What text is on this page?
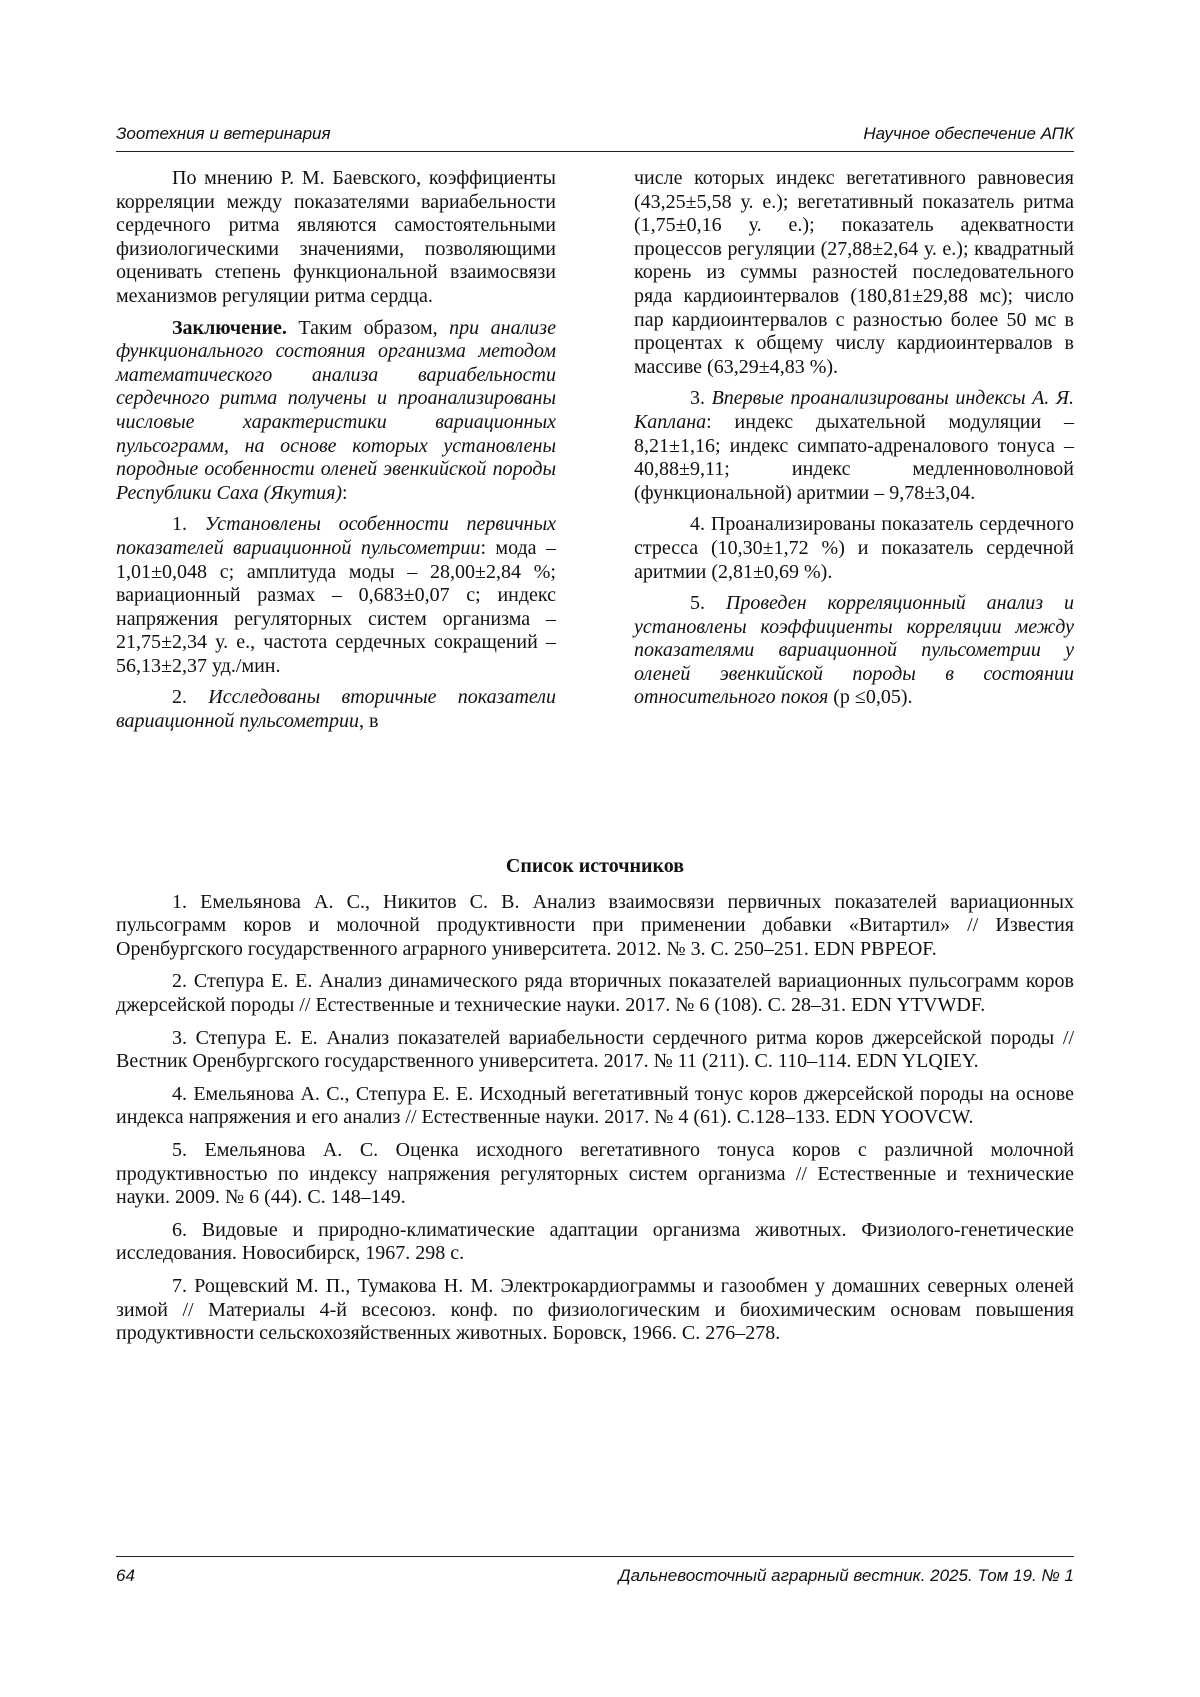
Зоотехния и ветеринария	Научное обеспечение АПК

По мнению Р. М. Баевского, коэффициенты корреляции между показателями вариабельности сердечного ритма являются самостоятельными физиологическими значениями, позволяющими оценивать степень функциональной взаимосвязи механизмов регуляции ритма сердца.

Заключение. Таким образом, при анализе функционального состояния организма методом математического анализа вариабельности сердечного ритма получены и проанализированы числовые характеристики вариационных пульсограмм, на основе которых установлены породные особенности оленей эвенкийской породы Республики Саха (Якутия):

1. Установлены особенности первичных показателей вариационной пульсометрии: мода – 1,01±0,048 с; амплитуда моды – 28,00±2,84 %; вариационный размах – 0,683±0,07 с; индекс напряжения регуляторных систем организма – 21,75±2,34 у. е., частота сердечных сокращений – 56,13±2,37 уд./мин.

2. Исследованы вторичные показатели вариационной пульсометрии, в

числе которых индекс вегетативного равновесия (43,25±5,58 у. е.); вегетативный показатель ритма (1,75±0,16 у. е.); показатель адекватности процессов регуляции (27,88±2,64 у. е.); квадратный корень из суммы разностей последовательного ряда кардиоинтервалов (180,81±29,88 мс); число пар кардиоинтервалов с разностью более 50 мс в процентах к общему числу кардиоинтервалов в массиве (63,29±4,83 %).

3. Впервые проанализированы индексы А. Я. Каплана: индекс дыхательной модуляции – 8,21±1,16; индекс симпато-адреналового тонуса – 40,88±9,11; индекс медленноволновой (функциональной) аритмии – 9,78±3,04.

4. Проанализированы показатель сердечного стресса (10,30±1,72 %) и показатель сердечной аритмии (2,81±0,69 %).

5. Проведен корреляционный анализ и установлены коэффициенты корреляции между показателями вариационной пульсометрии у оленей эвенкийской породы в состоянии относительного покоя (р ≤0,05).

Список источников
1. Емельянова А. С., Никитов С. В. Анализ взаимосвязи первичных показателей вариационных пульсограмм коров и молочной продуктивности при применении добавки «Витартил» // Известия Оренбургского государственного аграрного университета. 2012. № 3. С. 250–251. EDN PBPEOF.
2. Степура Е. Е. Анализ динамического ряда вторичных показателей вариационных пульсограмм коров джерсейской породы // Естественные и технические науки. 2017. № 6 (108). С. 28–31. EDN YTVWDF.
3. Степура Е. Е. Анализ показателей вариабельности сердечного ритма коров джерсейской породы // Вестник Оренбургского государственного университета. 2017. № 11 (211). С. 110–114. EDN YLQIEY.
4. Емельянова А. С., Степура Е. Е. Исходный вегетативный тонус коров джерсейской породы на основе индекса напряжения и его анализ // Естественные науки. 2017. № 4 (61). С.128–133. EDN YOOVCW.
5. Емельянова А. С. Оценка исходного вегетативного тонуса коров с различной молочной продуктивностью по индексу напряжения регуляторных систем организма // Естественные и технические науки. 2009. № 6 (44). С. 148–149.
6. Видовые и природно-климатические адаптации организма животных. Физиолого-генетические исследования. Новосибирск, 1967. 298 с.
7. Рощевский М. П., Тумакова Н. М. Электрокардиограммы и газообмен у домашних северных оленей зимой // Материалы 4-й всесоюз. конф. по физиологическим и биохимическим основам повышения продуктивности сельскохозяйственных животных. Боровск, 1966. С. 276–278.
64	Дальневосточный аграрный вестник. 2025. Том 19. № 1
